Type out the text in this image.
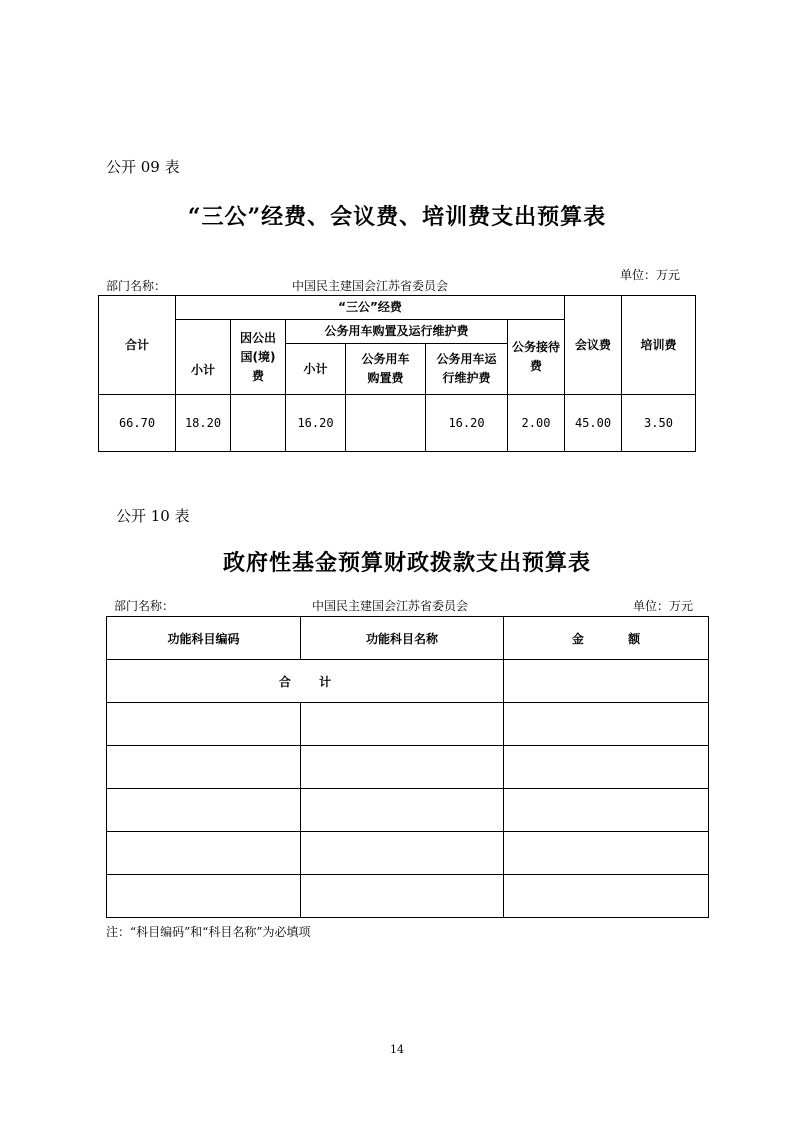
公开 09 表
“三公”经费、会议费、培训费支出预算表
单位：万元
部门名称：	中国民主建国会江苏省委员会
合计	“三公”经费						会议费	培训费
	小计	因公出国(境)费	公务用车购置及运行维护费			公务接待费		
			小计	公务用车购置费	公务用车运行维护费			
66.70	18.20		16.20		16.20	2.00	45.00	3.50
公开 10 表
政府性基金预算财政拨款支出预算表
部门名称：	中国民主建国会江苏省委员会	单位：万元
功能科目编码	功能科目名称	金 额
合 计		

注：“科目编码”和“科目名称”为必填项
14
